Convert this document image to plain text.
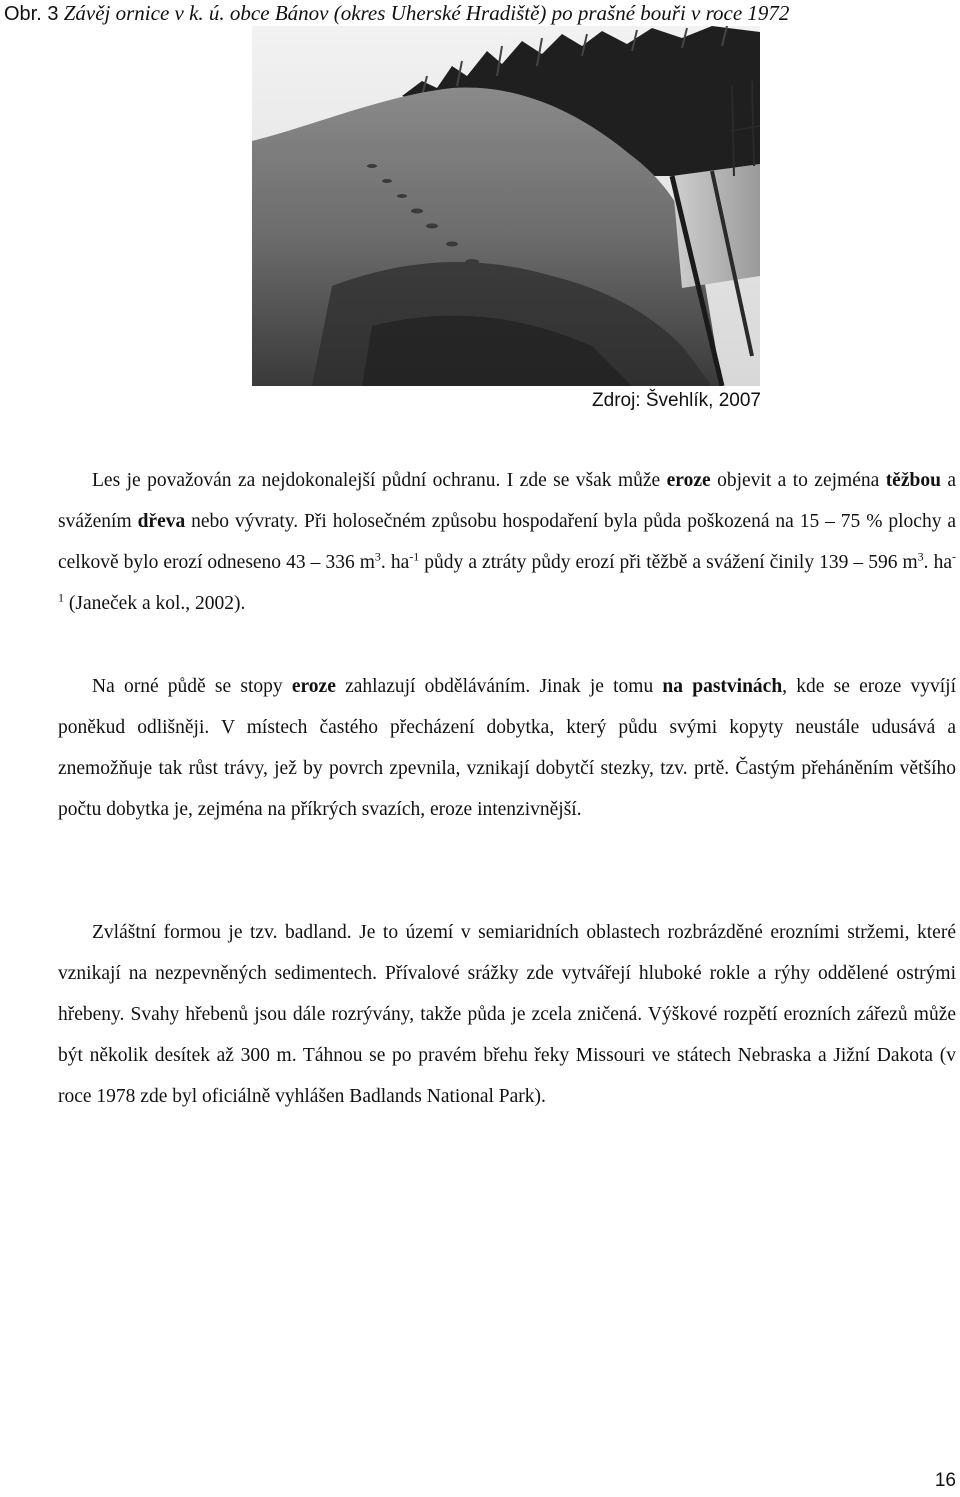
Obr. 3 Závěj ornice v k. ú. obce Bánov (okres Uherské Hradiště) po prašné bouři v roce 1972
Zdroj: Švehlík, 2007

Les je považován za nejdokonalejší půdní ochranu. I zde se však může eroze objevit a to zejména těžbou a svážením dřeva nebo vývraty. Při holosečném způsobu hospodaření byla půda poškozená na 15 – 75 % plochy a celkově bylo erozí odneseno 43 – 336 $m^3$. $ha^{-1}$ půdy a ztráty půdy erozí při těžbě a svážení činily 139 – 596 $m^3$. $ha^{-1}$ (Janeček a kol., 2002).

Na orné půdě se stopy eroze zahlazují obděláváním. Jinak je tomu na pastvinách, kde se eroze vyvíjí poněkud odlišněji. V místech častého přecházení dobytka, který půdu svými kopyty neustále udusává a znemožňuje tak růst trávy, jež by povrch zpevnila, vznikají dobytčí stezky, tzv. prtě. Častým přeháněním většího počtu dobytka je, zejména na příkrých svazích, eroze intenzivnější.

Zvláštní formou je tzv. badland. Je to území v semiaridních oblastech rozbrázděné erozními stržemi, které vznikají na nezpevněných sedimentech. Přívalové srážky zde vytvářejí hluboké rokle a rýhy oddělené ostrými hřebeny. Svahy hřebenů jsou dále rozrývány, takže půda je zcela zničená. Výškové rozpětí erozních zářezů může být několik desítek až 300 m. Táhnou se po pravém břehu řeky Missouri ve státech Nebraska a Jižní Dakota (v roce 1978 zde byl oficiálně vyhlášen Badlands National Park).

16
